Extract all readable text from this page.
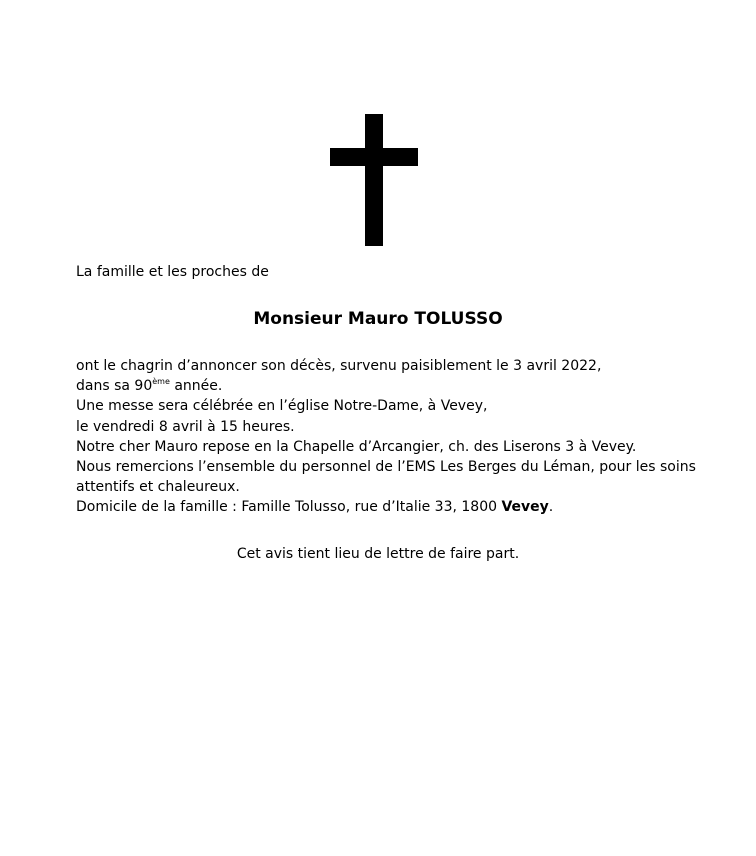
La famille et les proches de
Monsieur Mauro TOLUSSO
ont le chagrin d’annoncer son décès, survenu paisiblement le 3 avril 2022,
dans sa 90ème année.
Une messe sera célébrée en l’église Notre-Dame, à Vevey,
le vendredi 8 avril à 15 heures.
Notre cher Mauro repose en la Chapelle d’Arcangier, ch. des Liserons 3 à Vevey.
Nous remercions l’ensemble du personnel de l’EMS Les Berges du Léman, pour les soins
attentifs et chaleureux.
Domicile de la famille : Famille Tolusso, rue d’Italie 33, 1800 Vevey.
Cet avis tient lieu de lettre de faire part.
